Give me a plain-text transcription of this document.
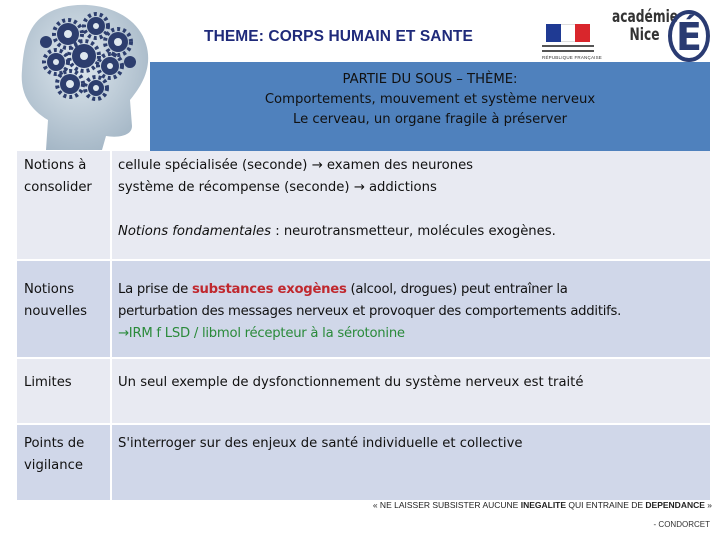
THEME: CORPS HUMAIN ET SANTE
RÉPUBLIQUE FRANÇAISE
académie
Nice É
PARTIE DU SOUS – THÈME:
Comportements, mouvement et système nerveux
Le cerveau, un organe fragile à préserver
Notions à
consolider
cellule spécialisée (seconde) → examen des neurones
système de récompense (seconde) → addictions
Notions fondamentales : neurotransmetteur, molécules exogènes.
Notions
nouvelles
La prise de substances exogènes (alcool, drogues) peut entraîner la
perturbation des messages nerveux et provoquer des comportements additifs.
→IRM f LSD / libmol récepteur à la sérotonine
Limites	Un seul exemple de dysfonctionnement du système nerveux est traité
Points de
vigilance
S'interroger sur des enjeux de santé individuelle et collective
« NE LAISSER SUBSISTER AUCUNE INEGALITE QUI ENTRAINE DE DEPENDANCE »
- CONDORCET
